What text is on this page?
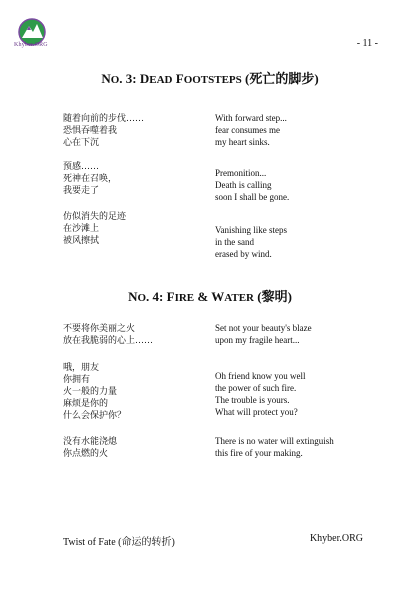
Khyber.ORG	- 11 -
NO. 3: DEAD FOOTSTEPS (死亡的脚步)
随着向前的步伐……
恐惧吞噬着我
心在下沉
预感……
死神在召唤，
我要走了
仿似消失的足迹
在沙滩上
被风擦拭
With forward step...
fear consumes me
my heart sinks.
Premonition...
Death is calling
soon I shall be gone.
Vanishing like steps
in the sand
erased by wind.
NO. 4: FIRE & WATER (黎明)
不要将你美丽之火
放在我脆弱的心上……
哦，朋友
你拥有
火一般的力量
麻烦是你的
什么会保护你？
没有水能浇熄
你点燃的火
Set not your beauty's blaze
upon my fragile heart...
Oh friend know you well
the power of such fire.
The trouble is yours.
What will protect you?
There is no water will extinguish
this fire of your making.
Twist of Fate (命运的转折)	Khyber.ORG
